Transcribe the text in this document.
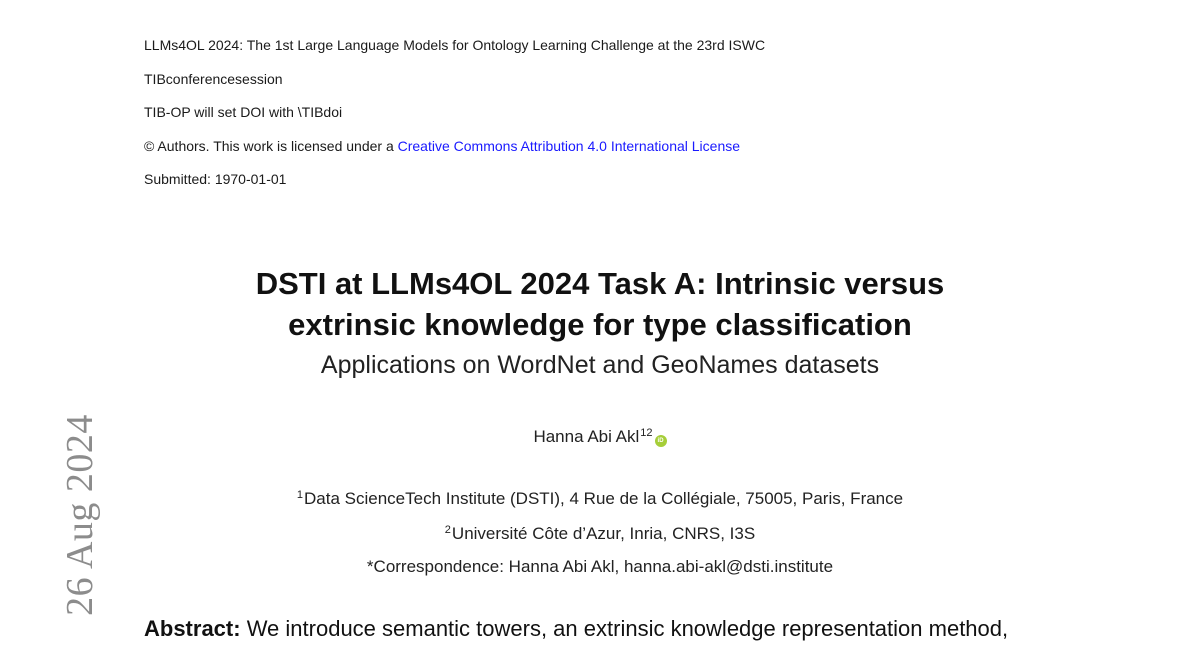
LLMs4OL 2024: The 1st Large Language Models for Ontology Learning Challenge at the 23rd ISWC
TIBconferencesession
TIB-OP will set DOI with \TIBdoi
© Authors. This work is licensed under a Creative Commons Attribution 4.0 International License
Submitted: 1970-01-01
26 Aug 2024
DSTI at LLMs4OL 2024 Task A: Intrinsic versus
extrinsic knowledge for type classification
Applications on WordNet and GeoNames datasets
Hanna Abi Akl$^{12}$iD
$^1$Data ScienceTech Institute (DSTI), 4 Rue de la Collégiale, 75005, Paris, France
$^2$Université Côte d’Azur, Inria, CNRS, I3S
*Correspondence: Hanna Abi Akl, hanna.abi-akl@dsti.institute
Abstract: We introduce semantic towers, an extrinsic knowledge representation method,
